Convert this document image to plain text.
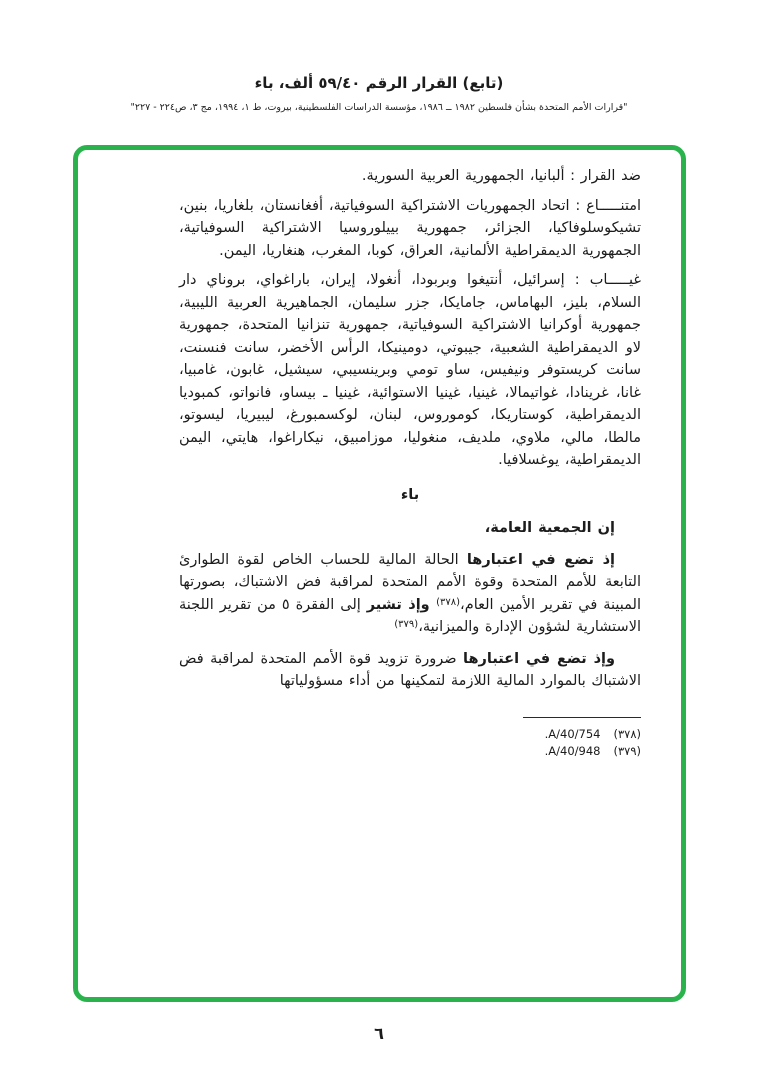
(تابع) القرار الرقم ٥٩/٤٠ ألف، باء
"قرارات الأمم المتحدة بشأن فلسطين ١٩٨٢ ــ ١٩٨٦، مؤسسة الدراسات الفلسطينية، بيروت، ط ١، ١٩٩٤، مج ٣، ص٢٢٤ - ٢٢٧"

ضد القرار : ألبانيا، الجمهورية العربية السورية.

امتنـــــاع : اتحاد الجمهوريات الاشتراكية السوفياتية، أفغانستان، بلغاريا، بنين، تشيكوسلوفاكيا، الجزائر، جمهورية بييلوروسيا الاشتراكية السوفياتية، الجمهورية الديمقراطية الألمانية، العراق، كوبا، المغرب، هنغاريا، اليمن.

غيـــــاب : إسرائيل، أنتيغوا وبربودا، أنغولا، إيران، باراغواي، بروناي دار السلام، بليز، البهاماس، جامايكا، جزر سليمان، الجماهيرية العربية الليبية، جمهورية أوكرانيا الاشتراكية السوفياتية، جمهورية تنزانيا المتحدة، جمهورية لاو الديمقراطية الشعبية، جيبوتي، دومينيكا، الرأس الأخضر، سانت فنسنت، سانت كريستوفر ونيفيس، ساو تومي وبرينسيبي، سيشيل، غابون، غامبيا، غانا، غرينادا، غواتيمالا، غينيا، غينيا الاستوائية، غينيا ـ بيساو، فانواتو، كمبوديا الديمقراطية، كوستاريكا، كوموروس، لبنان، لوكسمبورغ، ليبيريا، ليسوتو، مالطا، مالي، ملاوي، ملديف، منغوليا، موزامبيق، نيكاراغوا، هايتي، اليمن الديمقراطية، يوغسلافيا.

باء

إن الجمعية العامة،

إذ تضع في اعتبارها الحالة المالية للحساب الخاص لقوة الطوارئ التابعة للأمم المتحدة وقوة الأمم المتحدة لمراقبة فض الاشتباك، بصورتها المبينة في تقرير الأمين العام،$^{(٣٧٨)}$ وإذ تشير إلى الفقرة ٥ من تقرير اللجنة الاستشارية لشؤون الإدارة والميزانية،$^{(٣٧٩)}$

وإذ تضع في اعتبارها ضرورة تزويد قوة الأمم المتحدة لمراقبة فض الاشتباك بالموارد المالية اللازمة لتمكينها من أداء مسؤولياتها

(٣٧٨)A/40/754.
(٣٧٩)A/40/948.
٦
